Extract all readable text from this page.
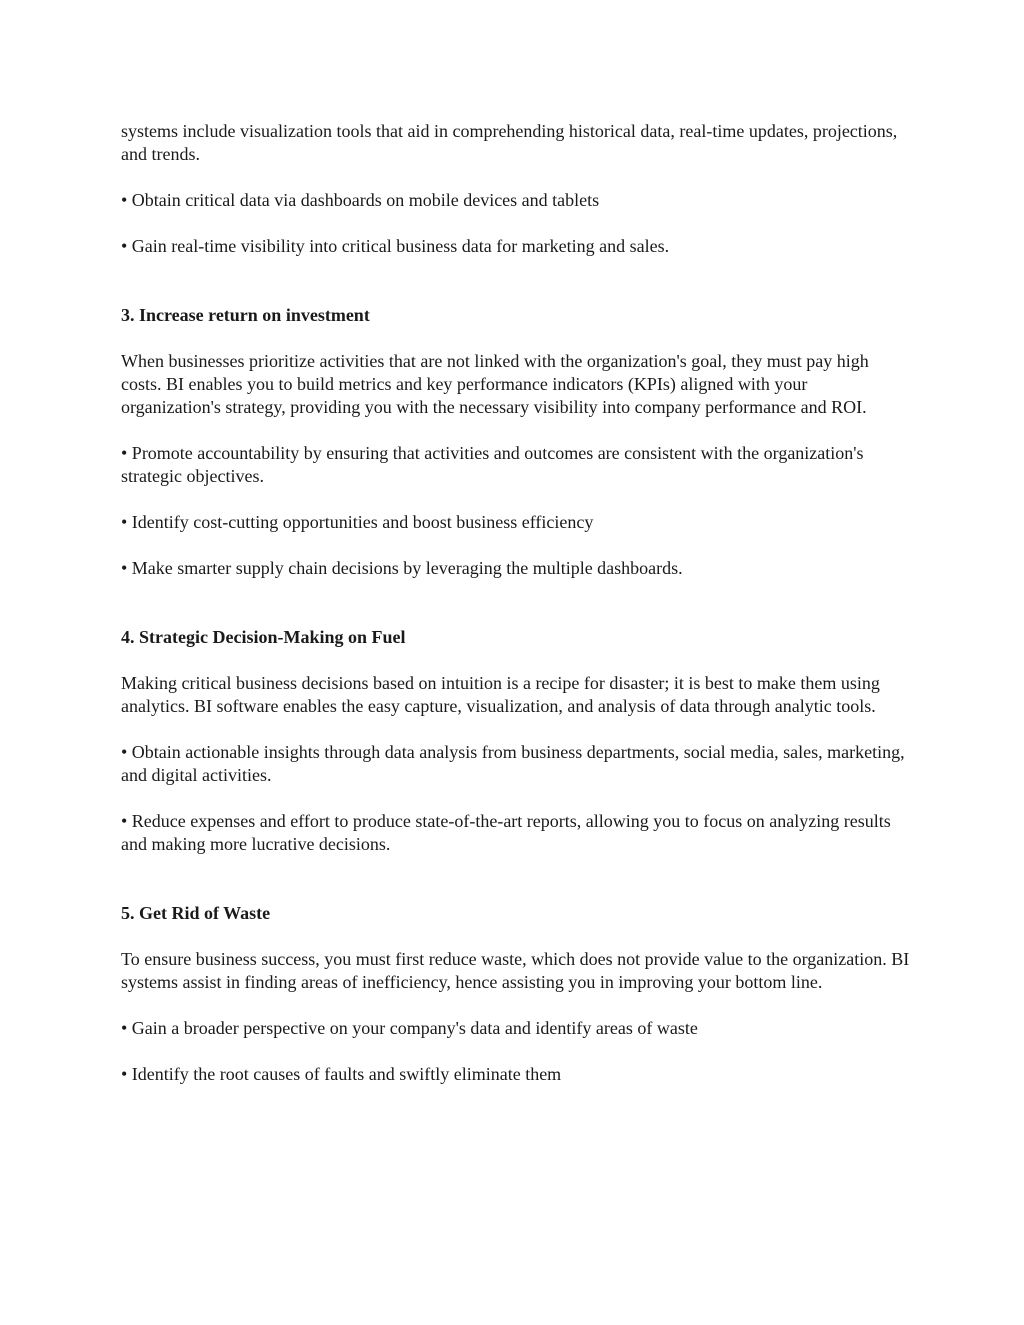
systems include visualization tools that aid in comprehending historical data, real-time updates, projections, and trends.

• Obtain critical data via dashboards on mobile devices and tablets

• Gain real-time visibility into critical business data for marketing and sales.

3. Increase return on investment

When businesses prioritize activities that are not linked with the organization's goal, they must pay high costs. BI enables you to build metrics and key performance indicators (KPIs) aligned with your organization's strategy, providing you with the necessary visibility into company performance and ROI.

• Promote accountability by ensuring that activities and outcomes are consistent with the organization's strategic objectives.

• Identify cost-cutting opportunities and boost business efficiency

• Make smarter supply chain decisions by leveraging the multiple dashboards.

4. Strategic Decision-Making on Fuel

Making critical business decisions based on intuition is a recipe for disaster; it is best to make them using analytics. BI software enables the easy capture, visualization, and analysis of data through analytic tools.

• Obtain actionable insights through data analysis from business departments, social media, sales, marketing, and digital activities.

• Reduce expenses and effort to produce state-of-the-art reports, allowing you to focus on analyzing results and making more lucrative decisions.

5. Get Rid of Waste

To ensure business success, you must first reduce waste, which does not provide value to the organization. BI systems assist in finding areas of inefficiency, hence assisting you in improving your bottom line.

• Gain a broader perspective on your company's data and identify areas of waste

• Identify the root causes of faults and swiftly eliminate them
